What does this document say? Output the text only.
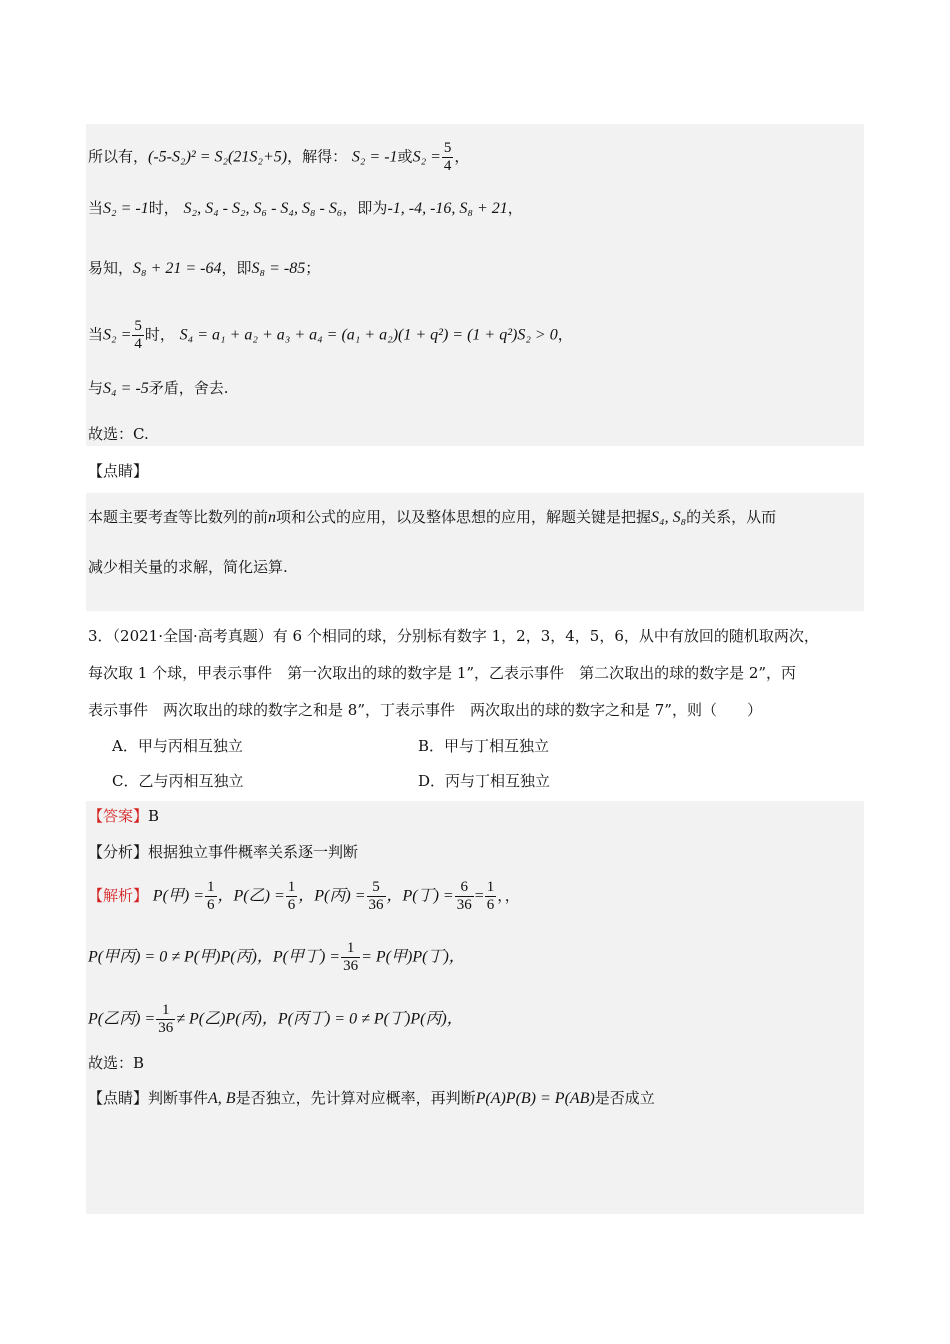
所以有，(-5-S₂)² = S₂(21S₂+5)，解得： S₂ = -1或$S_2 = \frac{5}{4}$ ，
当S₂ = -1时， S₂, S₄ - S₂, S₆ - S₄, S₈ - S₆，即为-1, -4, -16, S₈ + 21，
易知，S₈ + 21 = -64，即S₈ = -85；
当$S_2 = \frac{5}{4}$ 时， S₄ = a₁ + a₂ + a₃ + a₄ = (a₁ + a₂)(1 + q²) = (1 + q²)S₂ > 0，
与S₄ = -5矛盾，舍去.
故选：C.
【点睛】
本题主要考查等比数列的前n项和公式的应用，以及整体思想的应用，解题关键是把握S₄, S₈的关系，从而
减少相关量的求解，简化运算.
3．（2021·全国·高考真题）有 6 个相同的球，分别标有数字 1，2，3，4，5，6，从中有放回的随机取两次，
每次取 1 个球，甲表示事件　第一次取出的球的数字是 1”，乙表示事件　第二次取出的球的数字是 2”，丙
表示事件　两次取出的球的数字之和是 8”，丁表示事件　两次取出的球的数字之和是 7”，则（　　）
A．甲与丙相互独立	B．甲与丁相互独立
C．乙与丙相互独立	D．丙与丁相互独立
【答案】B
【分析】根据独立事件概率关系逐一判断
【解析】 P(甲) = $\frac{1}{6}$ ，P(乙) = $\frac{1}{6}$ ，P(丙) = $\frac{5}{36}$ ，P(丁) = $\frac{6}{36} = \frac{1}{6}$ ，，
P(甲丙) = 0 ≠ P(甲)P(丙)，P(甲丁) = $\frac{1}{36} = P$(甲)P(丁)，
P(乙丙) = $\frac{1}{36} \ne P$(乙)P(丙)，P(丙丁) = 0 ≠ P(丁)P(丙)，
故选：B
【点睛】判断事件A, B是否独立，先计算对应概率，再判断P(A)P(B) = P(AB)是否成立
